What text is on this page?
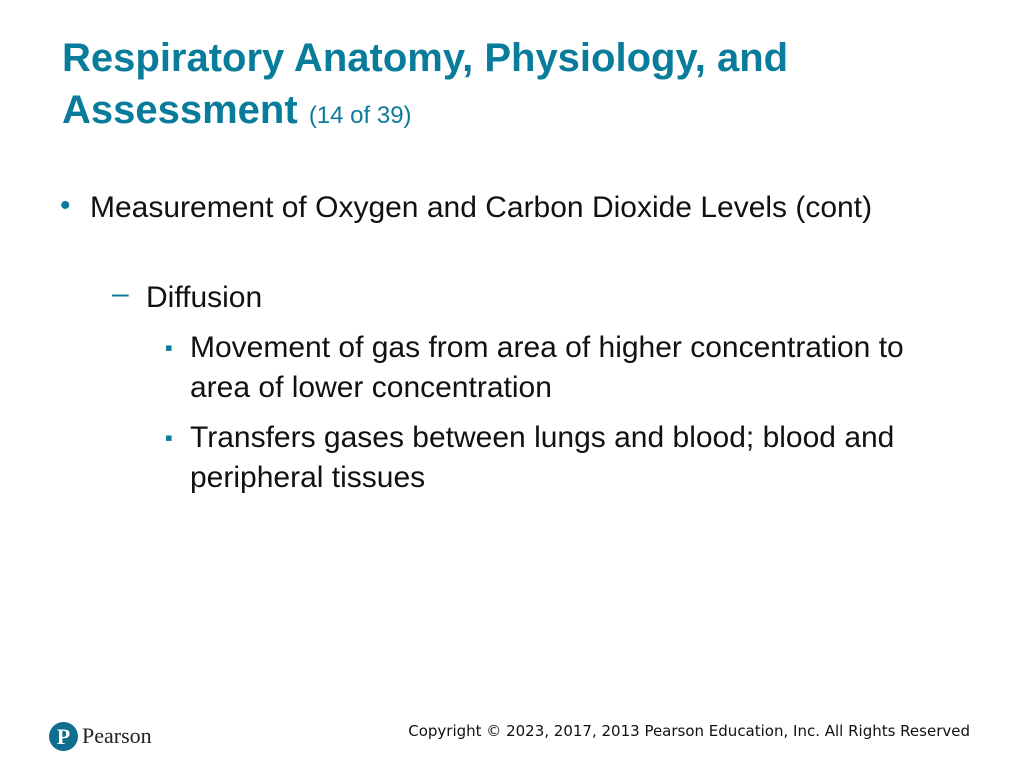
Respiratory Anatomy, Physiology, and Assessment (14 of 39)
• Measurement of Oxygen and Carbon Dioxide Levels (cont)
– Diffusion
▪ Movement of gas from area of higher concentration to area of lower concentration
▪ Transfers gases between lungs and blood; blood and peripheral tissues
P Pearson	Copyright © 2023, 2017, 2013 Pearson Education, Inc. All Rights Reserved
